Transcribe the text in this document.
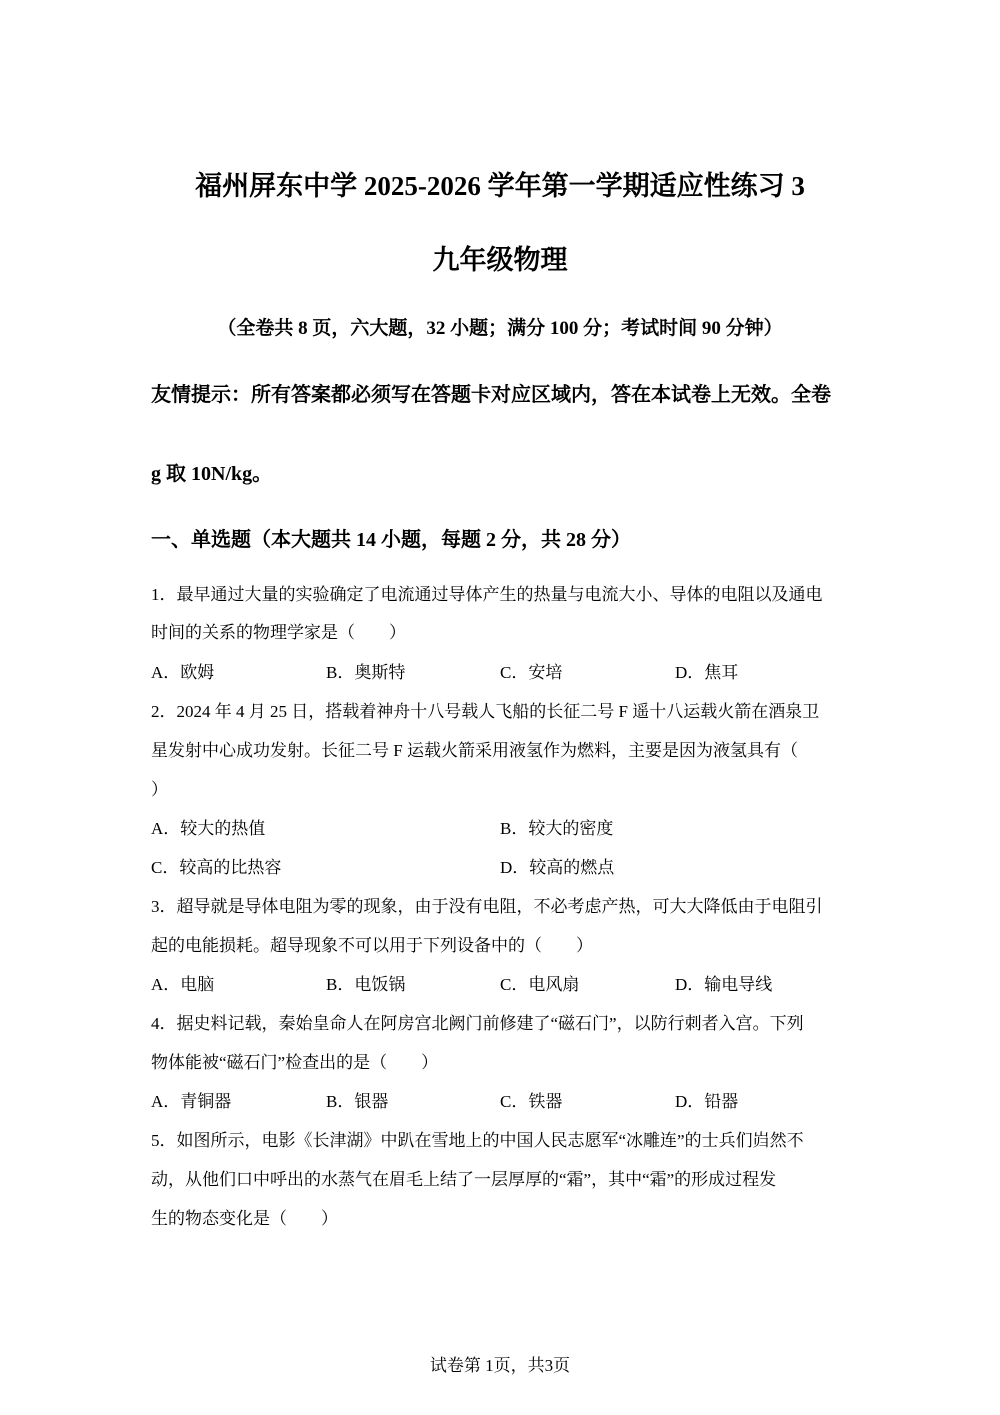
福州屏东中学 2025-2026 学年第一学期适应性练习 3
九年级物理
（全卷共 8 页，六大题，32 小题；满分 100 分；考试时间 90 分钟）
友情提示：所有答案都必须写在答题卡对应区域内，答在本试卷上无效。全卷
g 取 10N/kg。
一、单选题（本大题共 14 小题，每题 2 分，共 28 分）
1．最早通过大量的实验确定了电流通过导体产生的热量与电流大小、导体的电阻以及通电
时间的关系的物理学家是（　　）
A．欧姆	B．奥斯特	C．安培	D．焦耳
2．2024 年 4 月 25 日，搭载着神舟十八号载人飞船的长征二号 F 遥十八运载火箭在酒泉卫
星发射中心成功发射。长征二号 F 运载火箭采用液氢作为燃料，主要是因为液氢具有（
）
A．较大的热值	B．较大的密度
C．较高的比热容	D．较高的燃点
3．超导就是导体电阻为零的现象，由于没有电阻，不必考虑产热，可大大降低由于电阻引
起的电能损耗。超导现象不可以用于下列设备中的（　　）
A．电脑	B．电饭锅	C．电风扇	D．输电导线
4．据史料记载，秦始皇命人在阿房宫北阙门前修建了“磁石门”，以防行刺者入宫。下列
物体能被“磁石门”检查出的是（　　）
A．青铜器	B．银器	C．铁器	D．铅器
5．如图所示，电影《长津湖》中趴在雪地上的中国人民志愿军“冰雕连”的士兵们岿然不
动，从他们口中呼出的水蒸气在眉毛上结了一层厚厚的“霜”，其中“霜”的形成过程发
生的物态变化是（　　）
试卷第 1页，共3页
